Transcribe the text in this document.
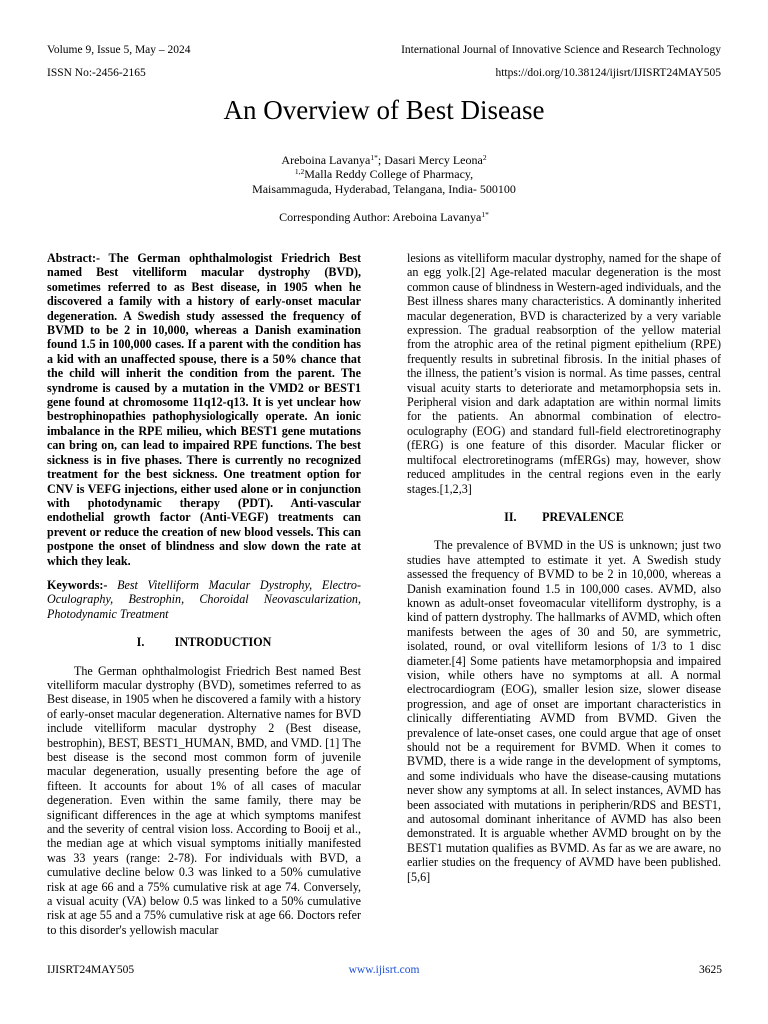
Volume 9, Issue 5, May – 2024	International Journal of Innovative Science and Research Technology
ISSN No:-2456-2165	https://doi.org/10.38124/ijisrt/IJISRT24MAY505
An Overview of Best Disease
Areboina Lavanya$^{1*}$; Dasari Mercy Leona$^2$
$^{1,2}$Malla Reddy College of Pharmacy,
Maisammaguda, Hyderabad, Telangana, India- 500100
Corresponding Author: Areboina Lavanya$^{1*}$

Abstract:- The German ophthalmologist Friedrich Best named Best vitelliform macular dystrophy (BVD), sometimes referred to as Best disease, in 1905 when he discovered a family with a history of early-onset macular degeneration. A Swedish study assessed the frequency of BVMD to be 2 in 10,000, whereas a Danish examination found 1.5 in 100,000 cases. If a parent with the condition has a kid with an unaffected spouse, there is a 50% chance that the child will inherit the condition from the parent. The syndrome is caused by a mutation in the VMD2 or BEST1 gene found at chromosome 11q12-q13. It is yet unclear how bestrophinopathies pathophysiologically operate. An ionic imbalance in the RPE milieu, which BEST1 gene mutations can bring on, can lead to impaired RPE functions. The best sickness is in five phases. There is currently no recognized treatment for the best sickness. One treatment option for CNV is VEFG injections, either used alone or in conjunction with photodynamic therapy (PDT). Anti-vascular endothelial growth factor (Anti-VEGF) treatments can prevent or reduce the creation of new blood vessels. This can postpone the onset of blindness and slow down the rate at which they leak.

Keywords:- Best Vitelliform Macular Dystrophy, Electro-Oculography, Bestrophin, Choroidal Neovascularization, Photodynamic Treatment

I.	INTRODUCTION

The German ophthalmologist Friedrich Best named Best vitelliform macular dystrophy (BVD), sometimes referred to as Best disease, in 1905 when he discovered a family with a history of early-onset macular degeneration. Alternative names for BVD include vitelliform macular dystrophy 2 (Best disease, bestrophin), BEST, BEST1_HUMAN, BMD, and VMD. [1] The best disease is the second most common form of juvenile macular degeneration, usually presenting before the age of fifteen. It accounts for about 1% of all cases of macular degeneration. Even within the same family, there may be significant differences in the age at which symptoms manifest and the severity of central vision loss. According to Booij et al., the median age at which visual symptoms initially manifested was 33 years (range: 2-78). For individuals with BVD, a cumulative decline below 0.3 was linked to a 50% cumulative risk at age 66 and a 75% cumulative risk at age 74. Conversely, a visual acuity (VA) below 0.5 was linked to a 50% cumulative risk at age 55 and a 75% cumulative risk at age 66. Doctors refer to this disorder's yellowish macular

lesions as vitelliform macular dystrophy, named for the shape of an egg yolk.[2] Age-related macular degeneration is the most common cause of blindness in Western-aged individuals, and the Best illness shares many characteristics. A dominantly inherited macular degeneration, BVD is characterized by a very variable expression. The gradual reabsorption of the yellow material from the atrophic area of the retinal pigment epithelium (RPE) frequently results in subretinal fibrosis. In the initial phases of the illness, the patient’s vision is normal. As time passes, central visual acuity starts to deteriorate and metamorphopsia sets in. Peripheral vision and dark adaptation are within normal limits for the patients. An abnormal combination of electro-oculography (EOG) and standard full-field electroretinography (fERG) is one feature of this disorder. Macular flicker or multifocal electroretinograms (mfERGs) may, however, show reduced amplitudes in the central regions even in the early stages.[1,2,3]

II.	PREVALENCE

The prevalence of BVMD in the US is unknown; just two studies have attempted to estimate it yet. A Swedish study assessed the frequency of BVMD to be 2 in 10,000, whereas a Danish examination found 1.5 in 100,000 cases. AVMD, also known as adult-onset foveomacular vitelliform dystrophy, is a kind of pattern dystrophy. The hallmarks of AVMD, which often manifests between the ages of 30 and 50, are symmetric, isolated, round, or oval vitelliform lesions of 1/3 to 1 disc diameter.[4] Some patients have metamorphopsia and impaired vision, while others have no symptoms at all. A normal electrocardiogram (EOG), smaller lesion size, slower disease progression, and age of onset are important characteristics in clinically differentiating AVMD from BVMD. Given the prevalence of late-onset cases, one could argue that age of onset should not be a requirement for BVMD. When it comes to BVMD, there is a wide range in the development of symptoms, and some individuals who have the disease-causing mutations never show any symptoms at all. In select instances, AVMD has been associated with mutations in peripherin/RDS and BEST1, and autosomal dominant inheritance of AVMD has also been demonstrated. It is arguable whether AVMD brought on by the BEST1 mutation qualifies as BVMD. As far as we are aware, no earlier studies on the frequency of AVMD have been published.[5,6]

IJISRT24MAY505	www.ijisrt.com	3625
